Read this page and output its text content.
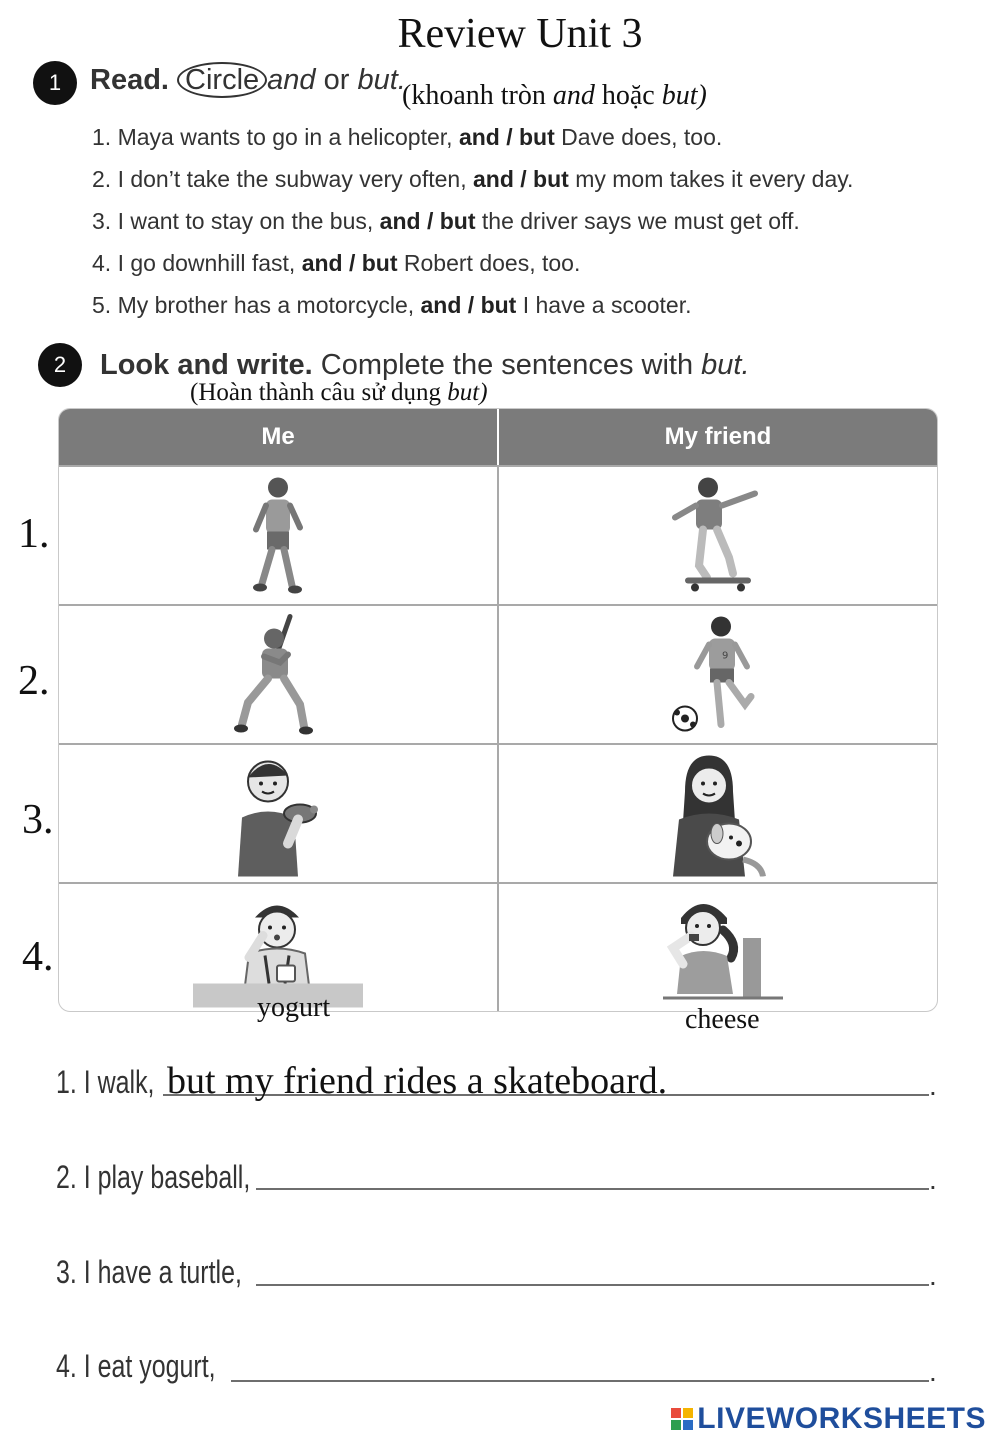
Review Unit 3
1 Read. Circle and or but.
(khoanh tròn and hoặc but)
1. Maya wants to go in a helicopter, and / but Dave does, too.
2. I don’t take the subway very often, and / but my mom takes it every day.
3. I want to stay on the bus, and / but the driver says we must get off.
4. I go downhill fast, and / but Robert does, too.
5. My brother has a motorcycle, and / but I have a scooter.
2	Look and write. Complete the sentences with but.
(Hoàn thành câu sử dụng but)
Me	My friend
9
1.
2.
3.
4.
yogurt	cheese
1. I walk, but my friend rides a skateboard.	.
2. I play baseball,	.
3. I have a turtle,	.
4. I eat yogurt,	.
LIVEWORKSHEETS
